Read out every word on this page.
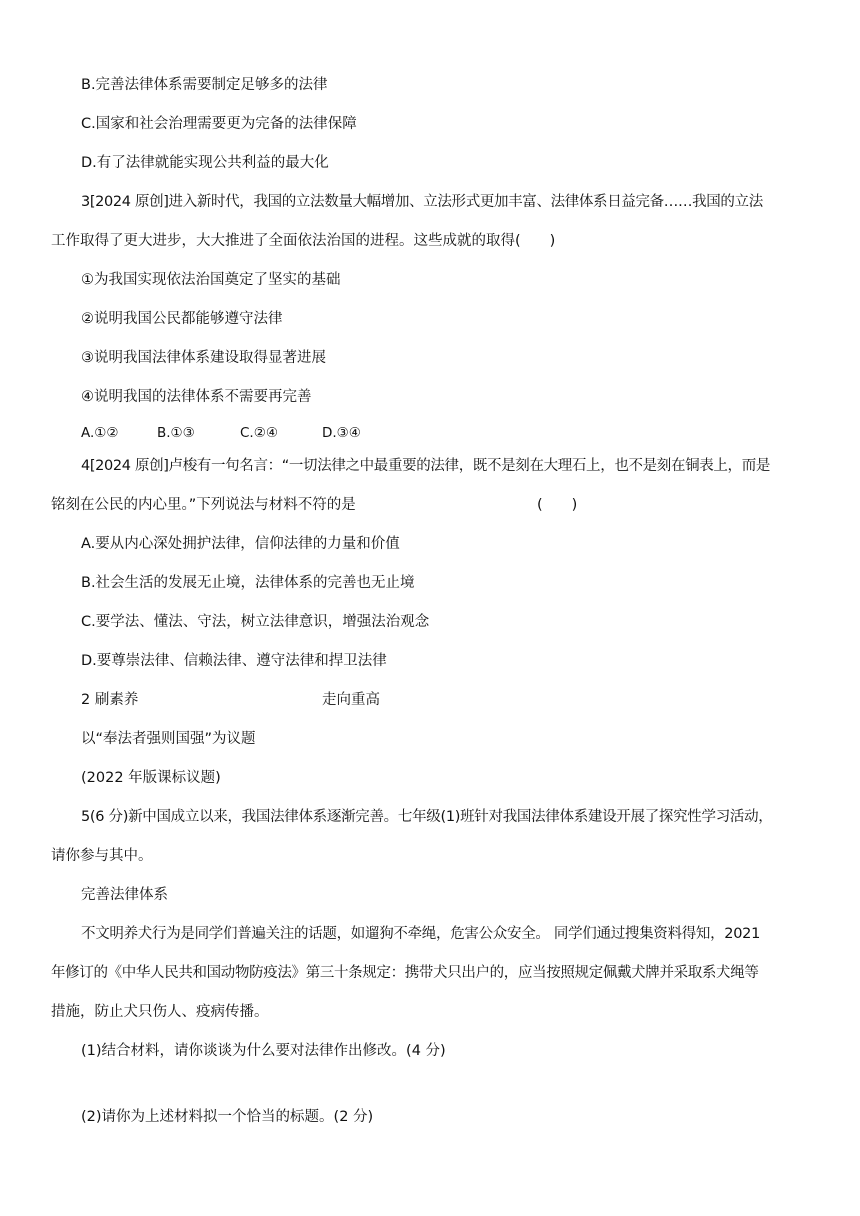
B.完善法律体系需要制定足够多的法律
C.国家和社会治理需要更为完备的法律保障
D.有了法律就能实现公共利益的最大化
3[2024 原创]进入新时代，我国的立法数量大幅增加、立法形式更加丰富、法律体系日益完备……我国的立法
工作取得了更大进步，大大推进了全面依法治国的进程。这些成就的取得(　　)
①为我国实现依法治国奠定了坚实的基础
②说明我国公民都能够遵守法律
③说明我国法律体系建设取得显著进展
④说明我国的法律体系不需要再完善
A.①②	B.①③	C.②④	D.③④
4[2024 原创]卢梭有一句名言：“一切法律之中最重要的法律，既不是刻在大理石上，也不是刻在铜表上，而是
铭刻在公民的内心里。”下列说法与材料不符的是	(　　)
A.要从内心深处拥护法律，信仰法律的力量和价值
B.社会生活的发展无止境，法律体系的完善也无止境
C.要学法、懂法、守法，树立法律意识，增强法治观念
D.要尊崇法律、信赖法律、遵守法律和捍卫法律
2 刷素养	走向重高
以“奉法者强则国强”为议题
(2022 年版课标议题)
5(6 分)新中国成立以来，我国法律体系逐渐完善。七年级(1)班针对我国法律体系建设开展了探究性学习活动，
请你参与其中。
完善法律体系
不文明养犬行为是同学们普遍关注的话题，如遛狗不牵绳，危害公众安全。 同学们通过搜集资料得知，2021
年修订的《中华人民共和国动物防疫法》第三十条规定：携带犬只出户的，应当按照规定佩戴犬牌并采取系犬绳等
措施，防止犬只伤人、疫病传播。
(1)结合材料，请你谈谈为什么要对法律作出修改。(4 分)
(2)请你为上述材料拟一个恰当的标题。(2 分)
